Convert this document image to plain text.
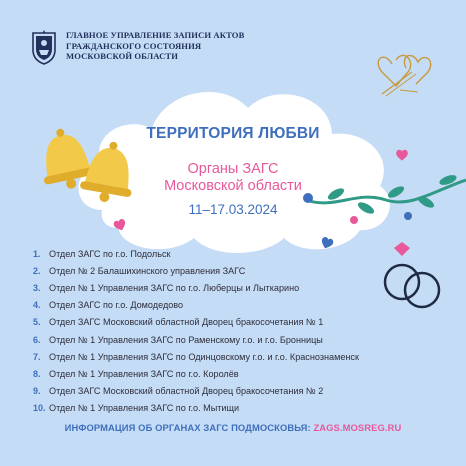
ГЛАВНОЕ УПРАВЛЕНИЕ ЗАПИСИ АКТОВ
ГРАЖДАНСКОГО СОСТОЯНИЯ
МОСКОВСКОЙ ОБЛАСТИ
ТЕРРИТОРИЯ ЛЮБВИ
Органы ЗАГС
Московской области
11–17.03.2024
1. Отдел ЗАГС по г.о. Подольск
2. Отдел № 2 Балашихинского управления ЗАГС
3. Отдел № 1 Управления ЗАГС по г.о. Люберцы и Лыткарино
4. Отдел ЗАГС по г.о. Домодедово
5. Отдел ЗАГС Московский областной Дворец бракосочетания № 1
6. Отдел № 1 Управления ЗАГС по Раменскому г.о. и г.о. Бронницы
7. Отдел № 1 Управления ЗАГС по Одинцовскому г.о. и г.о. Краснознаменск
8. Отдел № 1 Управления ЗАГС по г.о. Королёв
9. Отдел ЗАГС Московский областной Дворец бракосочетания № 2
10. Отдел № 1 Управления ЗАГС по г.о. Мытищи
ИНФОРМАЦИЯ ОБ ОРГАНАХ ЗАГС ПОДМОСКОВЬЯ: ZAGS.MOSREG.RU
